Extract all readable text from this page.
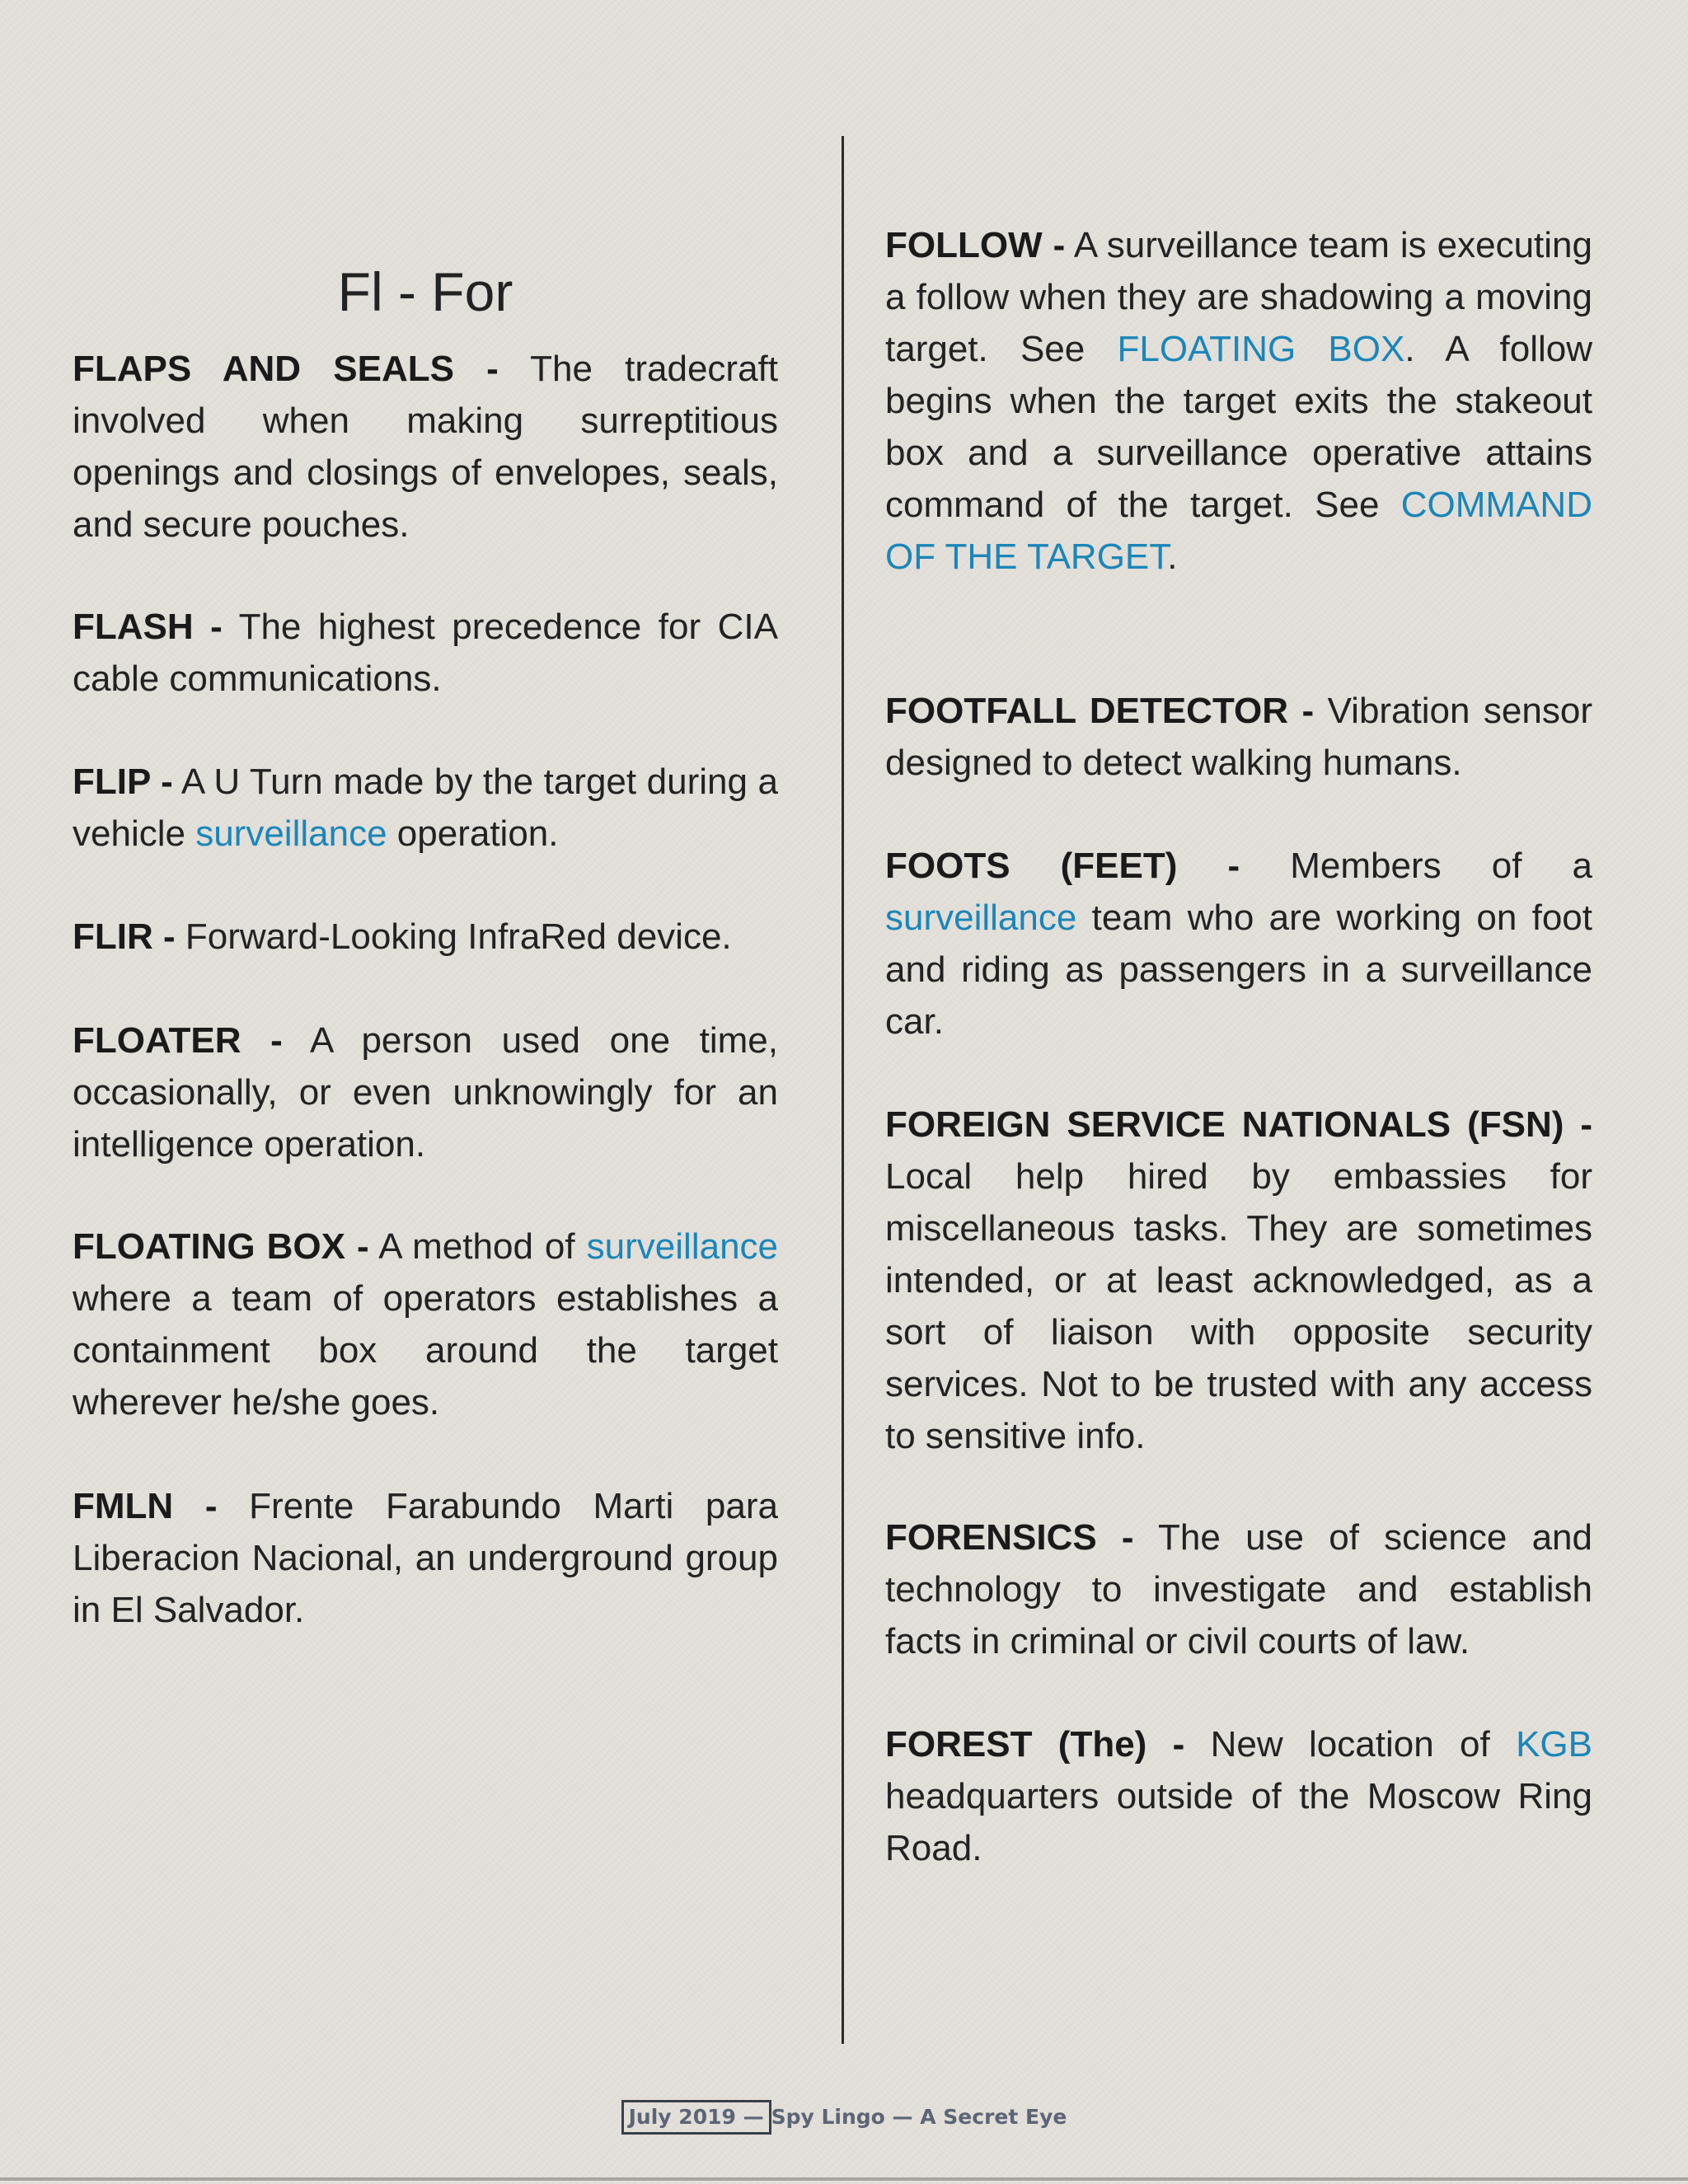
Fl - For

FLAPS AND SEALS - The tradecraft involved when making surreptitious openings and closings of envelopes, seals, and secure pouches.

FLASH - The highest precedence for CIA cable communications.

FLIP - A U Turn made by the target during a vehicle surveillance operation.

FLIR - Forward-Looking InfraRed device.

FLOATER - A person used one time, occasionally, or even unknowingly for an intelligence operation.

FLOATING BOX - A method of surveillance where a team of operators establishes a containment box around the target wherever he/she goes.

FMLN - Frente Farabundo Marti para Liberacion Nacional, an underground group in El Salvador.

FOLLOW - A surveillance team is executing a follow when they are shadowing a moving target. See FLOATING BOX. A follow begins when the target exits the stakeout box and a surveillance operative attains command of the target. See COMMAND OF THE TARGET.

FOOTFALL DETECTOR - Vibration sensor designed to detect walking humans.

FOOTS (FEET) - Members of a surveillance team who are working on foot and riding as passengers in a surveillance car.

FOREIGN SERVICE NATIONALS (FSN) - Local help hired by embassies for miscellaneous tasks. They are sometimes intended, or at least acknowledged, as a sort of liaison with opposite security services. Not to be trusted with any access to sensitive info.

FORENSICS - The use of science and technology to investigate and establish facts in criminal or civil courts of law.

FOREST (The) - New location of KGB headquarters outside of the Moscow Ring Road.

July 2019 — Spy Lingo — A Secret Eye
